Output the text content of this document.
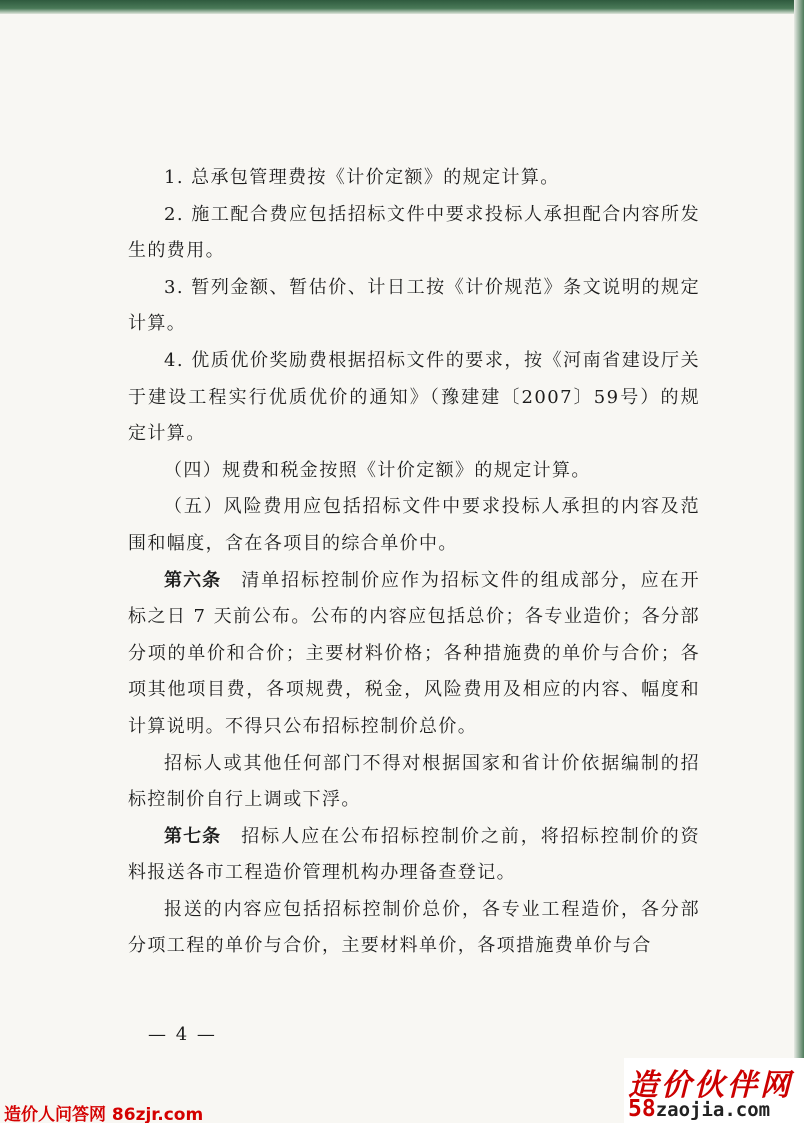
1. 总承包管理费按《计价定额》的规定计算。

2. 施工配合费应包括招标文件中要求投标人承担配合内容所发生的费用。

3. 暂列金额、暂估价、计日工按《计价规范》条文说明的规定计算。

4. 优质优价奖励费根据招标文件的要求，按《河南省建设厅关于建设工程实行优质优价的通知》（豫建建〔2007〕59号）的规定计算。

（四）规费和税金按照《计价定额》的规定计算。

（五）风险费用应包括招标文件中要求投标人承担的内容及范围和幅度，含在各项目的综合单价中。

第六条　清单招标控制价应作为招标文件的组成部分，应在开标之日 7 天前公布。公布的内容应包括总价；各专业造价；各分部分项的单价和合价；主要材料价格；各种措施费的单价与合价；各项其他项目费，各项规费，税金，风险费用及相应的内容、幅度和计算说明。不得只公布招标控制价总价。

招标人或其他任何部门不得对根据国家和省计价依据编制的招标控制价自行上调或下浮。

第七条　招标人应在公布招标控制价之前，将招标控制价的资料报送各市工程造价管理机构办理备查登记。

报送的内容应包括招标控制价总价，各专业工程造价，各分部分项工程的单价与合价，主要材料单价，各项措施费单价与合

— 4 —
造价人问答网 86zjr.com
造价伙伴网
58zaojia.com
